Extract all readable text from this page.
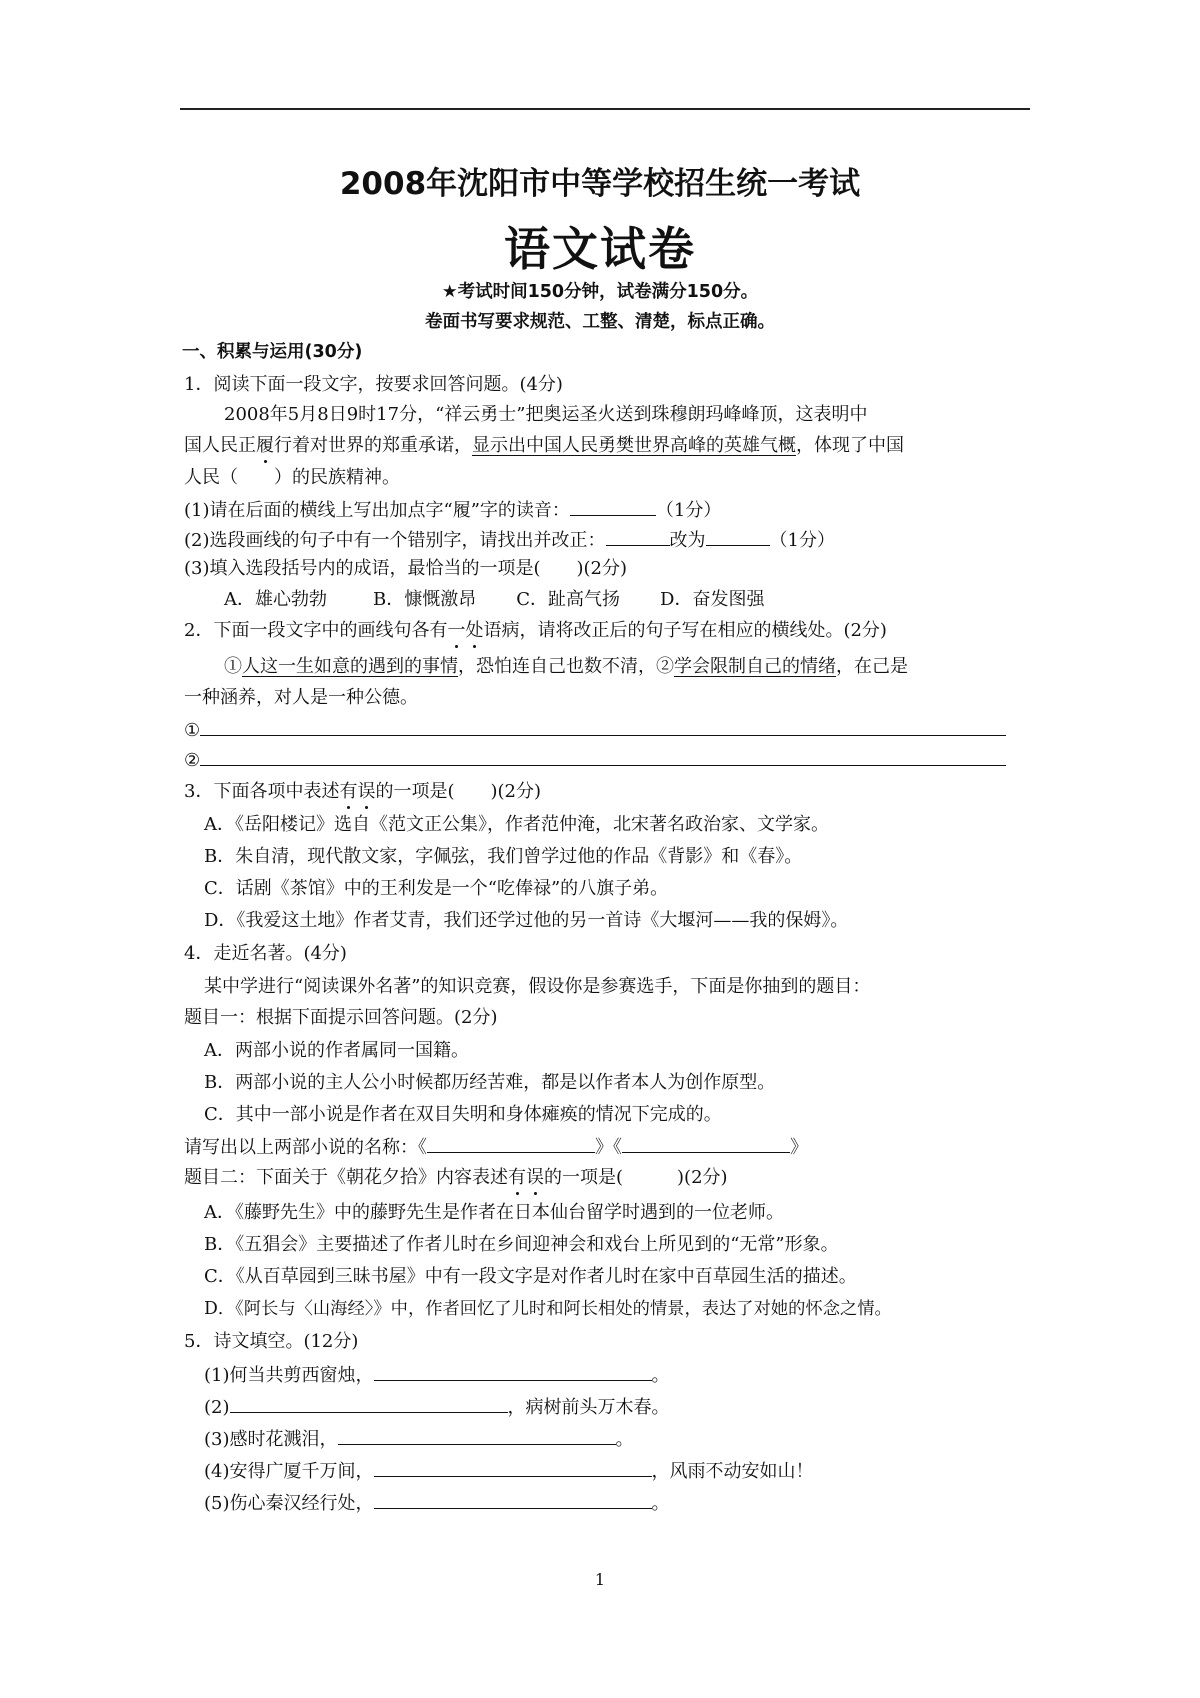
2008年沈阳市中等学校招生统一考试
语文试卷
★考试时间150分钟，试卷满分150分。
卷面书写要求规范、工整、清楚，标点正确。
一、积累与运用(30分)
1．阅读下面一段文字，按要求回答问题。(4分)
2008年5月8日9时17分，“祥云勇士”把奥运圣火送到珠穆朗玛峰峰顶，这表明中
国人民正履行着对世界的郑重承诺，显示出中国人民勇樊世界高峰的英雄气概，体现了中国
人民（　　）的民族精神。
(1)请在后面的横线上写出加点字“履”字的读音：	（1分）
(2)选段画线的句子中有一个错别字，请找出并改正：	改为	（1分）
(3)填入选段括号内的成语，最恰当的一项是(　　)(2分)
A．雄心勃勃	B．慷慨激昂 C．趾高气扬 D．奋发图强
2．下面一段文字中的画线句各有一处语病，请将改正后的句子写在相应的横线处。(2分)
①人这一生如意的遇到的事情，恐怕连自己也数不清，②学会限制自己的情绪，在己是
一种涵养，对人是一种公德。
①
②
3．下面各项中表述有误的一项是(　　)(2分)
A．《岳阳楼记》选自《范文正公集》，作者范仲淹，北宋著名政治家、文学家。
B．朱自清，现代散文家，字佩弦，我们曾学过他的作品《背影》和《春》。
C．话剧《茶馆》中的王利发是一个“吃俸禄”的八旗子弟。
D．《我爱这土地》作者艾青，我们还学过他的另一首诗《大堰河——我的保姆》。
4．走近名著。(4分)
某中学进行“阅读课外名著”的知识竞赛，假设你是参赛选手，下面是你抽到的题目：
题目一：根据下面提示回答问题。(2分)
A．两部小说的作者属同一国籍。
B．两部小说的主人公小时候都历经苦难，都是以作者本人为创作原型。
C．其中一部小说是作者在双目失明和身体瘫痪的情况下完成的。
请写出以上两部小说的名称：《	》《	》
题目二：下面关于《朝花夕拾》内容表述有误的一项是(　　　)(2分)
A．《藤野先生》中的藤野先生是作者在日本仙台留学时遇到的一位老师。
B．《五猖会》主要描述了作者儿时在乡间迎神会和戏台上所见到的“无常”形象。
C．《从百草园到三昧书屋》中有一段文字是对作者儿时在家中百草园生活的描述。
D．《阿长与〈山海经〉》中，作者回忆了儿时和阿长相处的情景，表达了对她的怀念之情。
5．诗文填空。(12分)
(1)何当共剪西窗烛，	。
(2)	，病树前头万木春。
(3)感时花溅泪，	。
(4)安得广厦千万间，	，风雨不动安如山！
(5)伤心秦汉经行处，	。
1
